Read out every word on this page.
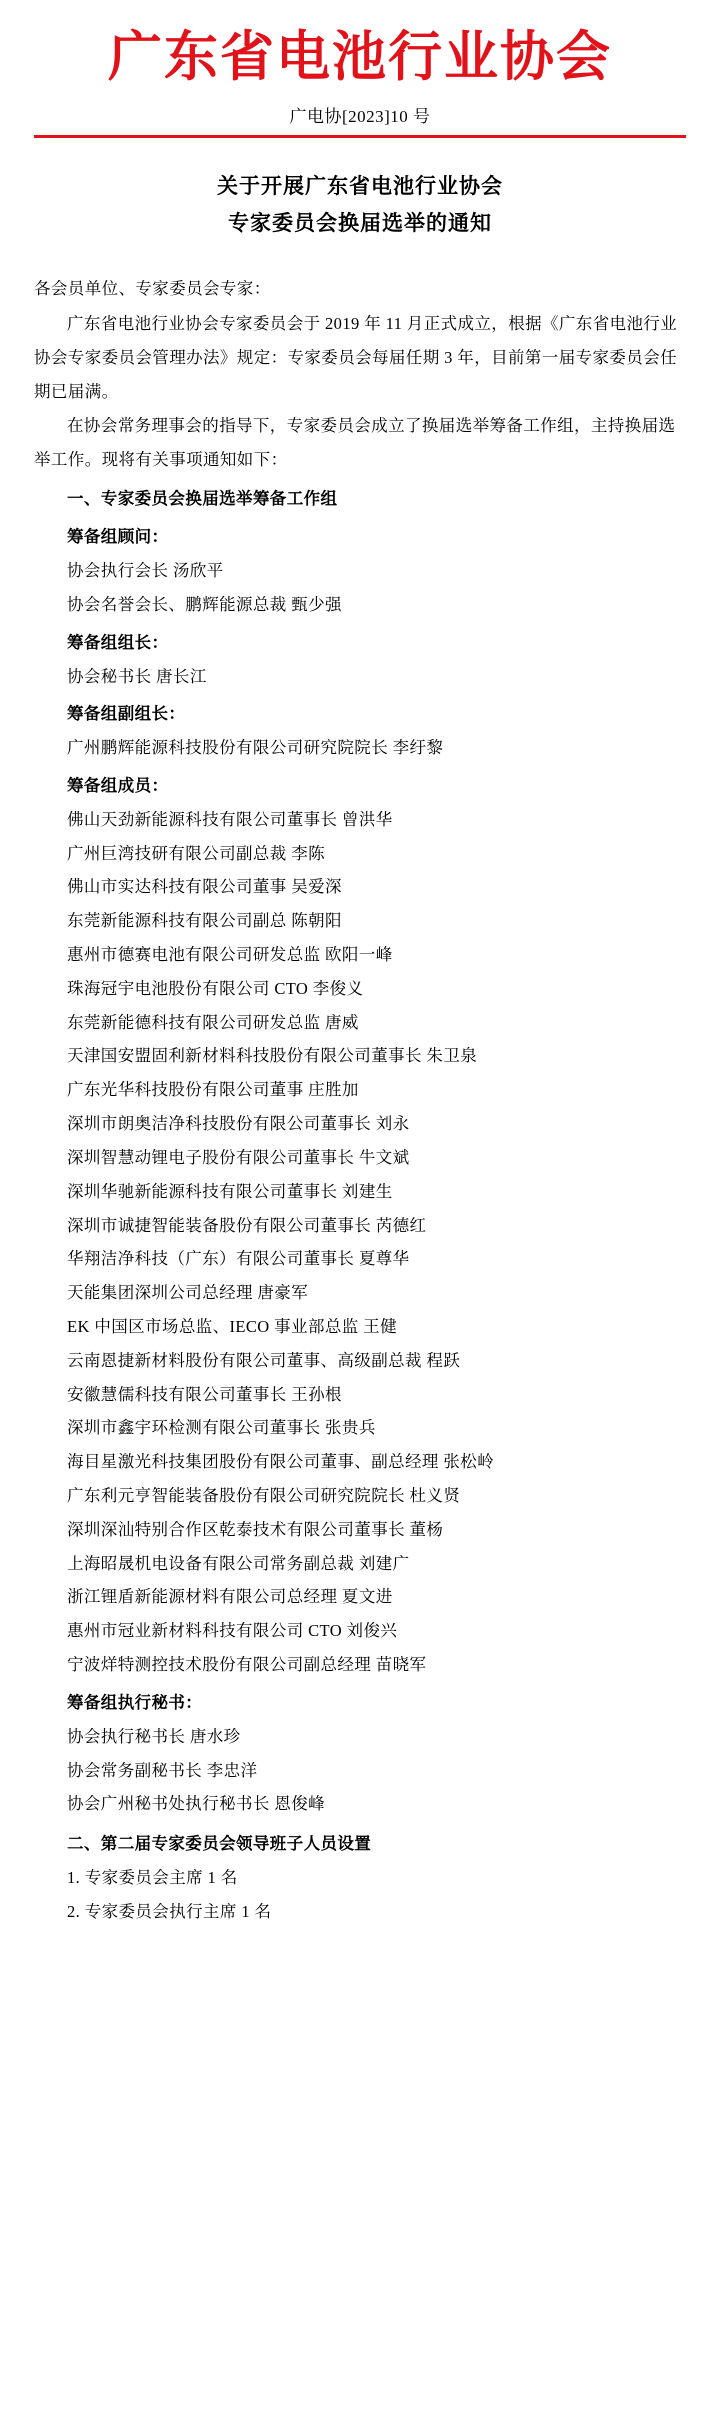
广东省电池行业协会
广电协[2023]10 号
关于开展广东省电池行业协会
专家委员会换届选举的通知

各会员单位、专家委员会专家：

广东省电池行业协会专家委员会于 2019 年 11 月正式成立，根据《广东省电池行业协会专家委员会管理办法》规定：专家委员会每届任期 3 年，目前第一届专家委员会任期已届满。

在协会常务理事会的指导下，专家委员会成立了换届选举筹备工作组，主持换届选举工作。现将有关事项通知如下：

一、专家委员会换届选举筹备工作组

筹备组顾问：

协会执行会长 汤欣平

协会名誉会长、鹏辉能源总裁 甄少强

筹备组组长：

协会秘书长 唐长江

筹备组副组长：

广州鹏辉能源科技股份有限公司研究院院长 李纡黎

筹备组成员：

佛山天劲新能源科技有限公司董事长 曾洪华

广州巨湾技研有限公司副总裁 李陈

佛山市实达科技有限公司董事 吴爱深

东莞新能源科技有限公司副总 陈朝阳

惠州市德赛电池有限公司研发总监 欧阳一峰

珠海冠宇电池股份有限公司 CTO 李俊义

东莞新能德科技有限公司研发总监 唐威

天津国安盟固利新材料科技股份有限公司董事长 朱卫泉

广东光华科技股份有限公司董事 庄胜加

深圳市朗奥洁净科技股份有限公司董事长 刘永

深圳智慧动锂电子股份有限公司董事长 牛文斌

深圳华驰新能源科技有限公司董事长 刘建生

深圳市诚捷智能装备股份有限公司董事长 芮德红

华翔洁净科技（广东）有限公司董事长 夏尊华

天能集团深圳公司总经理 唐豪军

EK 中国区市场总监、IECO 事业部总监 王健

云南恩捷新材料股份有限公司董事、高级副总裁 程跃

安徽慧儒科技有限公司董事长 王孙根

深圳市鑫宇环检测有限公司董事长 张贵兵

海目星激光科技集团股份有限公司董事、副总经理 张松岭

广东利元亨智能装备股份有限公司研究院院长 杜义贤

深圳深汕特别合作区乾泰技术有限公司董事长 董杨

上海昭晟机电设备有限公司常务副总裁 刘建广

浙江锂盾新能源材料有限公司总经理 夏文进

惠州市冠业新材料科技有限公司 CTO 刘俊兴

宁波烊特测控技术股份有限公司副总经理 苗晓军

筹备组执行秘书：

协会执行秘书长 唐水珍

协会常务副秘书长 李忠洋

协会广州秘书处执行秘书长 恩俊峰

二、第二届专家委员会领导班子人员设置

1. 专家委员会主席 1 名

2. 专家委员会执行主席 1 名
